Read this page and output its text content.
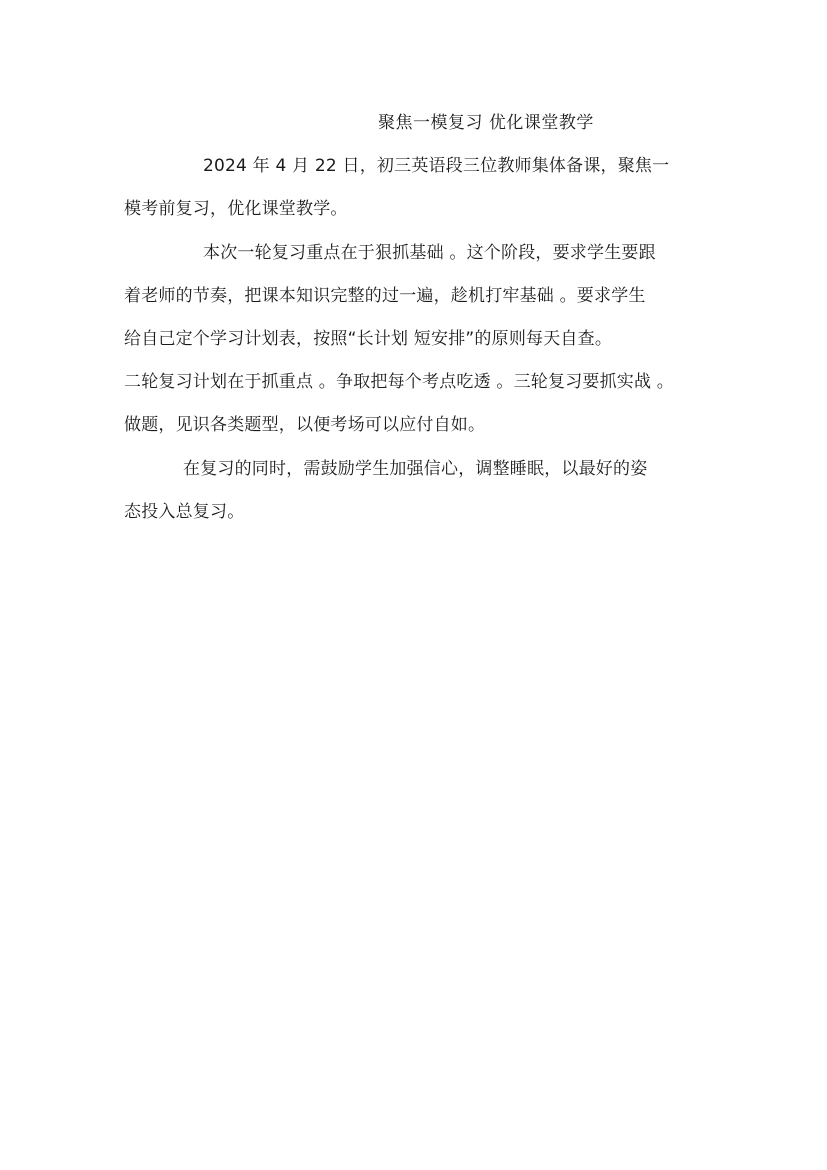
聚焦一模复习 优化课堂教学
2024 年 4 月 22 日，初三英语段三位教师集体备课，聚焦一
模考前复习，优化课堂教学。
本次一轮复习重点在于狠抓基础 。这个阶段，要求学生要跟
着老师的节奏，把课本知识完整的过一遍，趁机打牢基础 。要求学生
给自己定个学习计划表，按照“长计划 短安排”的原则每天自查。
二轮复习计划在于抓重点 。争取把每个考点吃透 。三轮复习要抓实战 。
做题，见识各类题型，以便考场可以应付自如。
在复习的同时，需鼓励学生加强信心，调整睡眠，以最好的姿
态投入总复习。
